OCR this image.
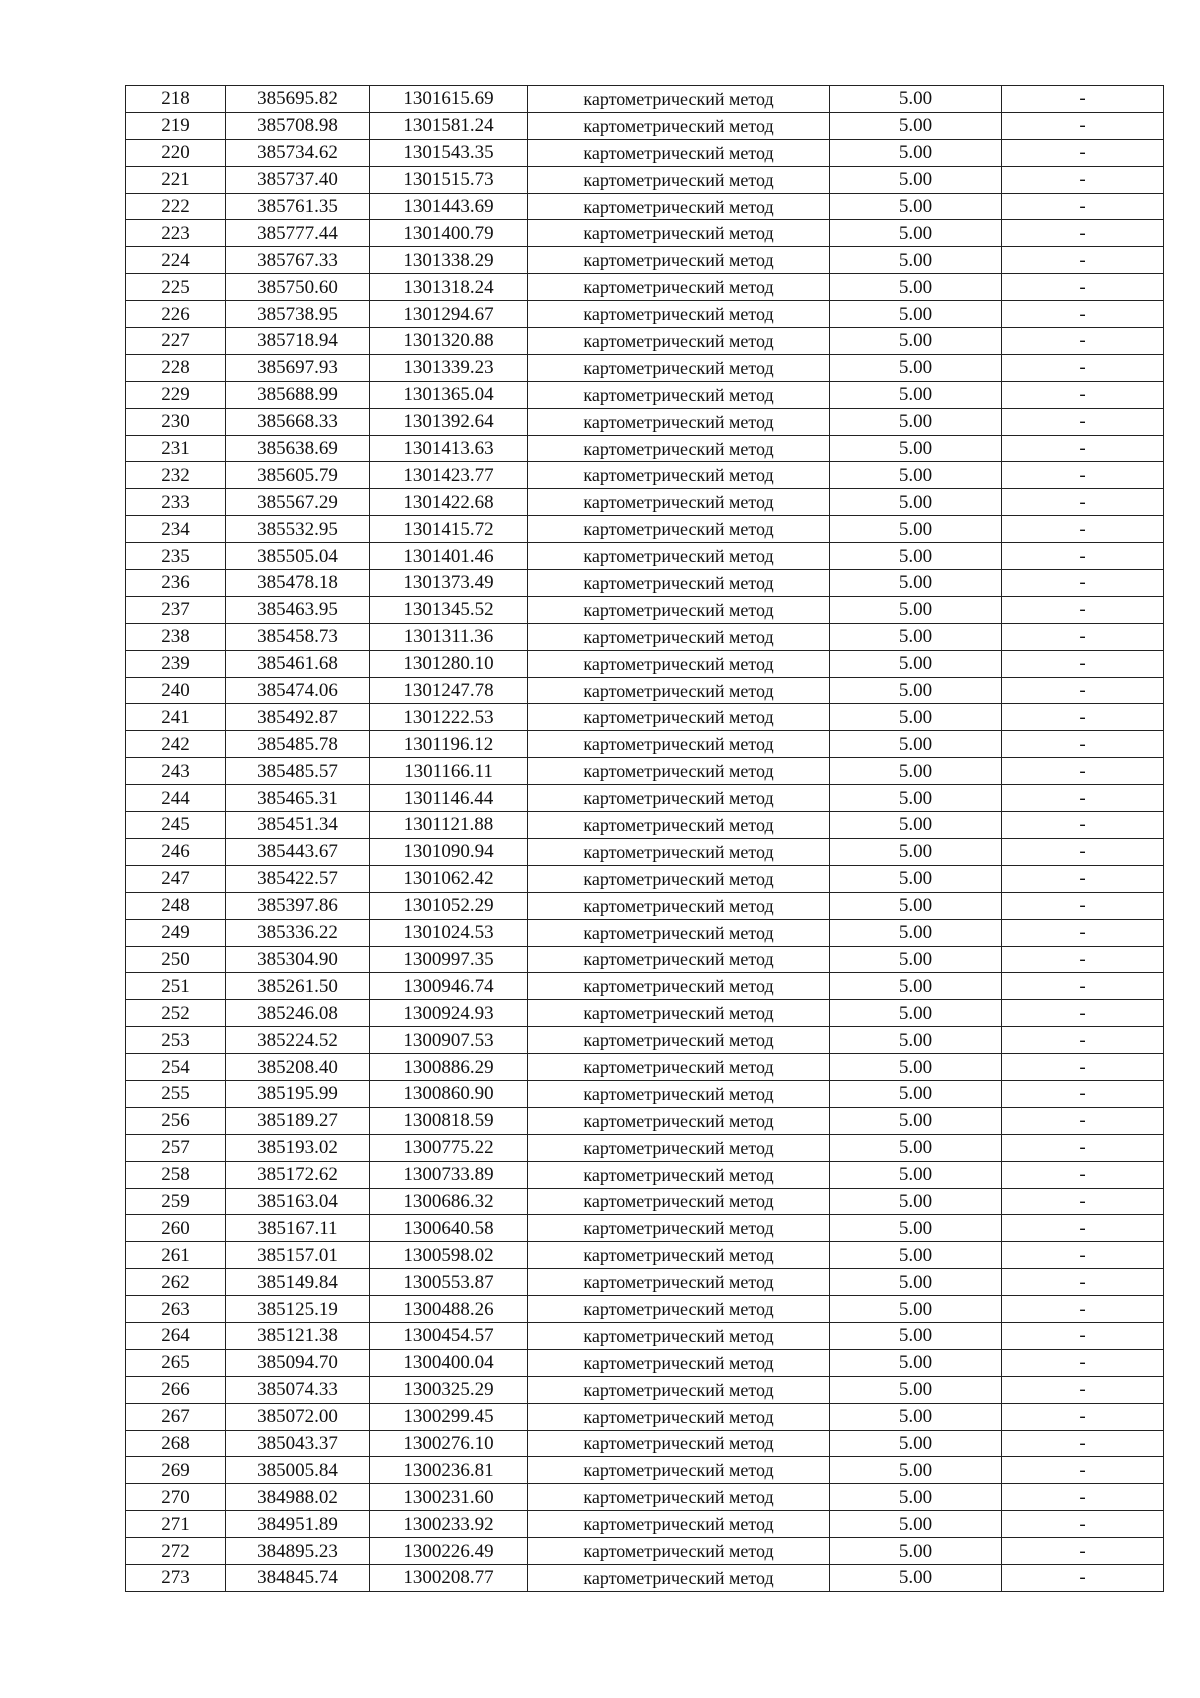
218	385695.82	1301615.69	картометрический метод	5.00	-
219	385708.98	1301581.24	картометрический метод	5.00	-
220	385734.62	1301543.35	картометрический метод	5.00	-
221	385737.40	1301515.73	картометрический метод	5.00	-
222	385761.35	1301443.69	картометрический метод	5.00	-
223	385777.44	1301400.79	картометрический метод	5.00	-
224	385767.33	1301338.29	картометрический метод	5.00	-
225	385750.60	1301318.24	картометрический метод	5.00	-
226	385738.95	1301294.67	картометрический метод	5.00	-
227	385718.94	1301320.88	картометрический метод	5.00	-
228	385697.93	1301339.23	картометрический метод	5.00	-
229	385688.99	1301365.04	картометрический метод	5.00	-
230	385668.33	1301392.64	картометрический метод	5.00	-
231	385638.69	1301413.63	картометрический метод	5.00	-
232	385605.79	1301423.77	картометрический метод	5.00	-
233	385567.29	1301422.68	картометрический метод	5.00	-
234	385532.95	1301415.72	картометрический метод	5.00	-
235	385505.04	1301401.46	картометрический метод	5.00	-
236	385478.18	1301373.49	картометрический метод	5.00	-
237	385463.95	1301345.52	картометрический метод	5.00	-
238	385458.73	1301311.36	картометрический метод	5.00	-
239	385461.68	1301280.10	картометрический метод	5.00	-
240	385474.06	1301247.78	картометрический метод	5.00	-
241	385492.87	1301222.53	картометрический метод	5.00	-
242	385485.78	1301196.12	картометрический метод	5.00	-
243	385485.57	1301166.11	картометрический метод	5.00	-
244	385465.31	1301146.44	картометрический метод	5.00	-
245	385451.34	1301121.88	картометрический метод	5.00	-
246	385443.67	1301090.94	картометрический метод	5.00	-
247	385422.57	1301062.42	картометрический метод	5.00	-
248	385397.86	1301052.29	картометрический метод	5.00	-
249	385336.22	1301024.53	картометрический метод	5.00	-
250	385304.90	1300997.35	картометрический метод	5.00	-
251	385261.50	1300946.74	картометрический метод	5.00	-
252	385246.08	1300924.93	картометрический метод	5.00	-
253	385224.52	1300907.53	картометрический метод	5.00	-
254	385208.40	1300886.29	картометрический метод	5.00	-
255	385195.99	1300860.90	картометрический метод	5.00	-
256	385189.27	1300818.59	картометрический метод	5.00	-
257	385193.02	1300775.22	картометрический метод	5.00	-
258	385172.62	1300733.89	картометрический метод	5.00	-
259	385163.04	1300686.32	картометрический метод	5.00	-
260	385167.11	1300640.58	картометрический метод	5.00	-
261	385157.01	1300598.02	картометрический метод	5.00	-
262	385149.84	1300553.87	картометрический метод	5.00	-
263	385125.19	1300488.26	картометрический метод	5.00	-
264	385121.38	1300454.57	картометрический метод	5.00	-
265	385094.70	1300400.04	картометрический метод	5.00	-
266	385074.33	1300325.29	картометрический метод	5.00	-
267	385072.00	1300299.45	картометрический метод	5.00	-
268	385043.37	1300276.10	картометрический метод	5.00	-
269	385005.84	1300236.81	картометрический метод	5.00	-
270	384988.02	1300231.60	картометрический метод	5.00	-
271	384951.89	1300233.92	картометрический метод	5.00	-
272	384895.23	1300226.49	картометрический метод	5.00	-
273	384845.74	1300208.77	картометрический метод	5.00	-
